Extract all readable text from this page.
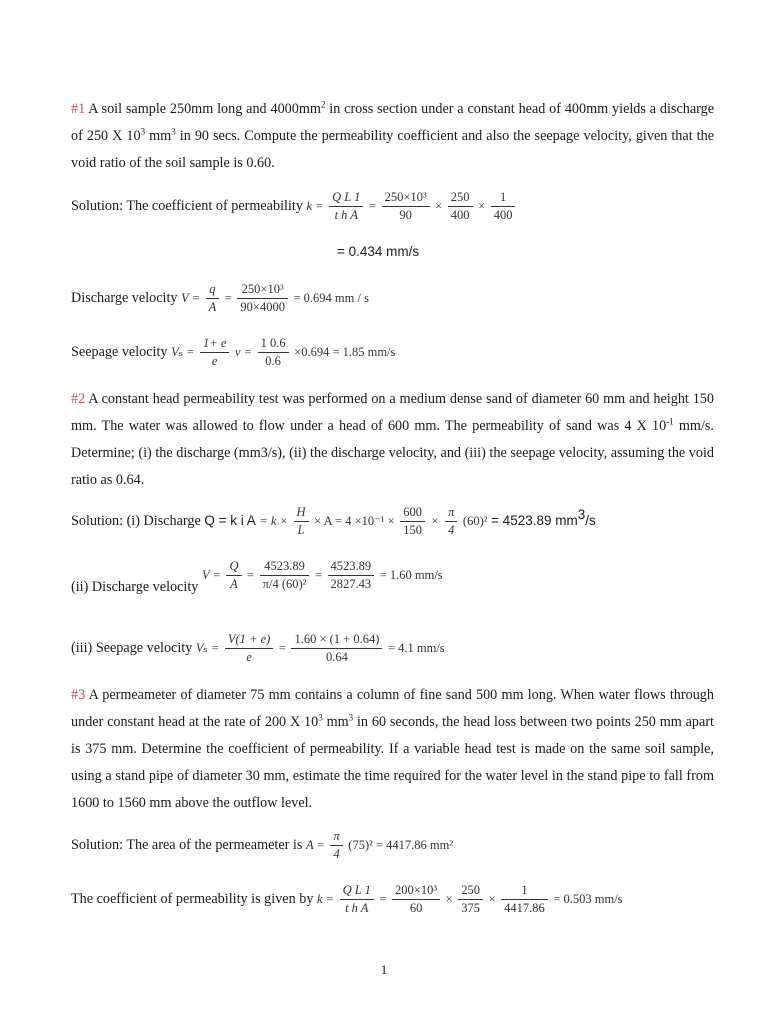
#1 A soil sample 250mm long and $4000mm^2$ in cross section under a constant head of 400mm yields a discharge of 250 X $10^3$ $mm^3$ in 90 secs. Compute the permeability coefficient and also the seepage velocity, given that the void ratio of the soil sample is 0.60.

Solution: The coefficient of permeability $k = \frac{\text{Q L 1}}{\text{t h A}} = \frac{\text{250×10³}}{90} \times \frac{250}{400} \times \frac{1}{400}$
= 0.434 mm/s
Discharge velocity $V = \frac{q}{A} = \frac{\text{250×10³}}{90\times 4000} = 0.694$ mm / s
Seepage velocity $V_s = \frac{1+ e}{e}$ $v = \frac{1 0.6}{0.6} \times 0.694 = 1.85$ mm/s

#2 A constant head permeability test was performed on a medium dense sand of diameter 60 mm and height 150 mm. The water was allowed to flow under a head of 600 mm. The permeability of sand was 4 X $10^{-1}$ mm/s. Determine; (i) the discharge (mm3/s), (ii) the discharge velocity, and (iii) the seepage velocity, assuming the void ratio as 0.64.

Solution: (i) Discharge Q = k i $A = k \times \frac{H}{L} \times A = 4 \times 10^{-1} \times \frac{600}{150} \times \frac{\pi}{4} (60)^2 = 4523.89$ $mm^3/s$
(ii) Discharge velocity $V = \frac{Q}{A} = \frac{4523.89}{\text{π/4 (60)²}} = \frac{4523.89}{2827.43} = 1.60$ mm/s
(iii) Seepage velocity $V_s = \frac{V(1 + e)}{e} = \frac{1.60 \times (1 + 0.64)}{0.64} = 4.1$ mm/s

#3 A permeameter of diameter 75 mm contains a column of fine sand 500 mm long. When water flows through under constant head at the rate of 200 X $10^3$ $mm^3$ in 60 seconds, the head loss between two points 250 mm apart is 375 mm. Determine the coefficient of permeability. If a variable head test is made on the same soil sample, using a stand pipe of diameter 30 mm, estimate the time required for the water level in the stand pipe to fall from 1600 to 1560 mm above the outflow level.

Solution: The area of the permeameter is $A = \frac{\pi}{4} (75)^2 = 4417.86$ mm²
The coefficient of permeability is given by $k = \frac{\text{Q L 1}}{\text{t h A}} = \frac{\text{200×10³}}{60} \times \frac{250}{375} \times \frac{1}{4417.86} = 0.503$ mm/s
1
